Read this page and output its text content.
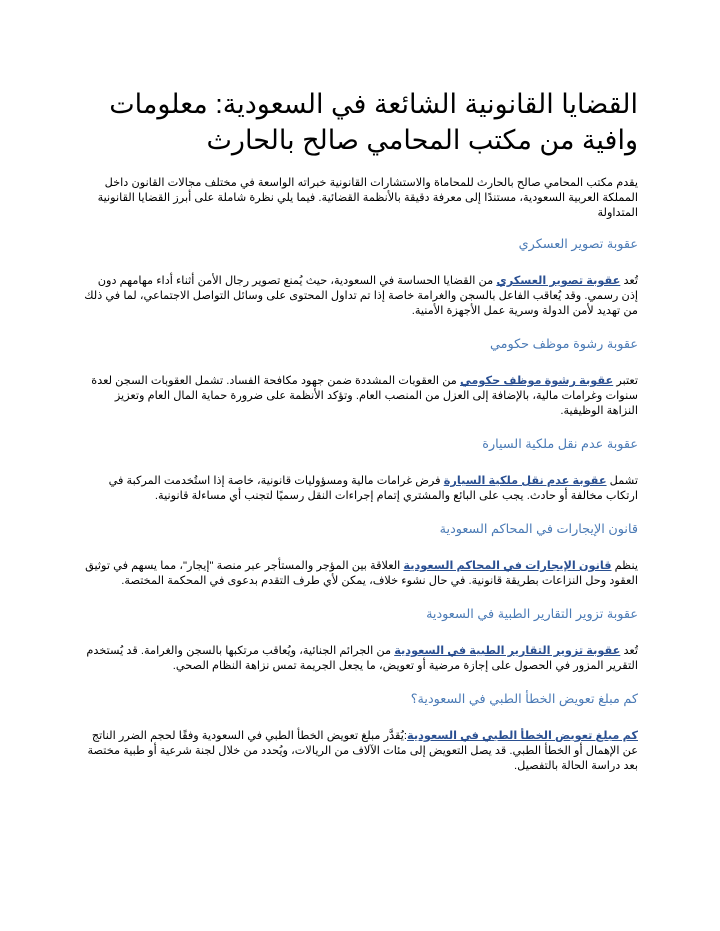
القضايا القانونية الشائعة في السعودية: معلومات وافية من مكتب المحامي صالح بالحارث

يقدم مكتب المحامي صالح بالحارث للمحاماة والاستشارات القانونية خبراته الواسعة في مختلف مجالات القانون داخل المملكة العربية السعودية، مستندًا إلى معرفة دقيقة بالأنظمة القضائية. فيما يلي نظرة شاملة على أبرز القضايا القانونية المتداولة

عقوبة تصوير العسكري

تُعد عقوبة تصوير العسكري من القضايا الحساسة في السعودية، حيث يُمنع تصوير رجال الأمن أثناء أداء مهامهم دون إذن رسمي. وقد يُعاقب الفاعل بالسجن والغرامة خاصة إذا تم تداول المحتوى على وسائل التواصل الاجتماعي، لما في ذلك من تهديد لأمن الدولة وسرية عمل الأجهزة الأمنية.

عقوبة رشوة موظف حكومي

تعتبر عقوبة رشوة موظف حكومي من العقوبات المشددة ضمن جهود مكافحة الفساد. تشمل العقوبات السجن لعدة سنوات وغرامات مالية، بالإضافة إلى العزل من المنصب العام. وتؤكد الأنظمة على ضرورة حماية المال العام وتعزيز النزاهة الوظيفية.

عقوبة عدم نقل ملكية السيارة

تشمل عقوبة عدم نقل ملكية السيارة فرض غرامات مالية ومسؤوليات قانونية، خاصة إذا استُخدمت المركبة في ارتكاب مخالفة أو حادث. يجب على البائع والمشتري إتمام إجراءات النقل رسميًا لتجنب أي مساءلة قانونية.

قانون الإيجارات في المحاكم السعودية

ينظم قانون الإيجارات في المحاكم السعودية العلاقة بين المؤجر والمستأجر عبر منصة "إيجار"، مما يسهم في توثيق العقود وحل النزاعات بطريقة قانونية. في حال نشوء خلاف، يمكن لأي طرف التقدم بدعوى في المحكمة المختصة.

عقوبة تزوير التقارير الطبية في السعودية

تُعد عقوبة تزوير التقارير الطبية في السعودية من الجرائم الجنائية، ويُعاقب مرتكبها بالسجن والغرامة. قد يُستخدم التقرير المزور في الحصول على إجازة مرضية أو تعويض، ما يجعل الجريمة تمس نزاهة النظام الصحي.

كم مبلغ تعويض الخطأ الطبي في السعودية؟

كم مبلغ تعويض الخطأ الطبي في السعودية:يُقدَّر مبلغ تعويض الخطأ الطبي في السعودية وفقًا لحجم الضرر الناتج عن الإهمال أو الخطأ الطبي. قد يصل التعويض إلى مئات الآلاف من الريالات، ويُحدد من خلال لجنة شرعية أو طبية مختصة بعد دراسة الحالة بالتفصيل.
